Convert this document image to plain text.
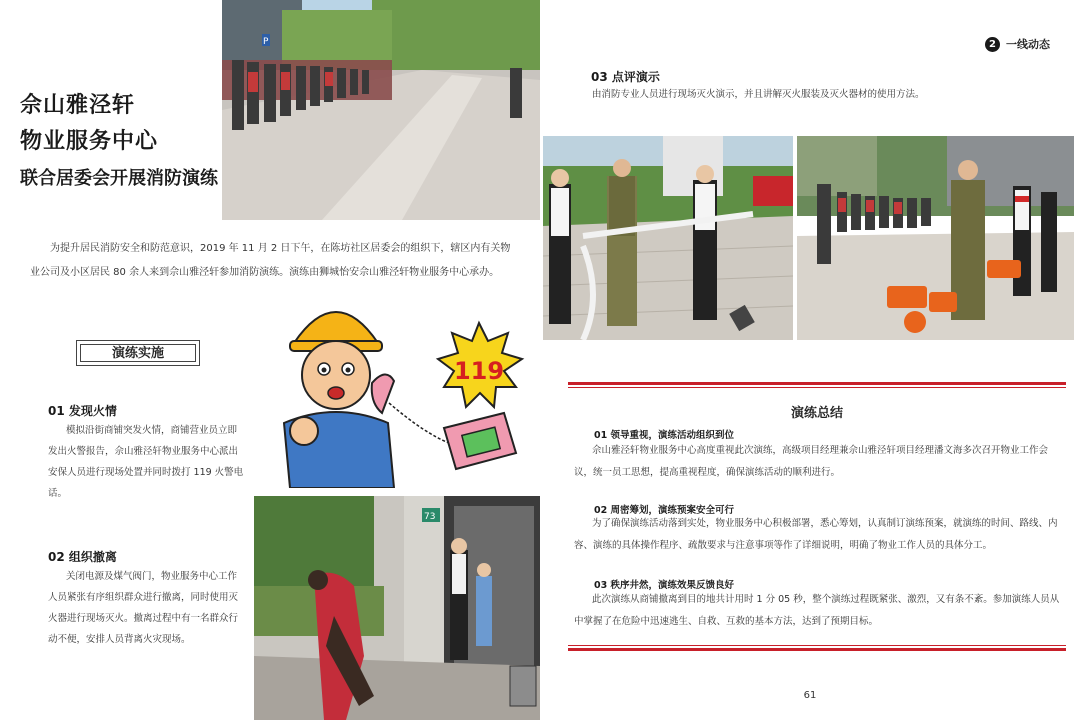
P
佘山雅泾轩
物业服务中心
联合居委会开展消防演练

为提升居民消防安全和防范意识，2019 年 11 月 2 日下午，在陈坊社区居委会的组织下，辖区内有关物业公司及小区居民 80 余人来到佘山雅泾轩参加消防演练。演练由狮城怡安佘山雅泾轩物业服务中心承办。

演练实施
01 发现火情

模拟沿街商铺突发火情，商铺营业员立即发出火警报告，佘山雅泾轩物业服务中心派出安保人员进行现场处置并同时拨打 119 火警电话。

02 组织撤离

关闭电源及煤气阀门，物业服务中心工作人员紧张有序组织群众进行撤离，同时使用灭火器进行现场灭火。撤离过程中有一名群众行动不便，安排人员背离火灾现场。

119
73
2 一线动态
03 点评演示

由消防专业人员进行现场灭火演示，并且讲解灭火服装及灭火器材的使用方法。

演练总结
01 领导重视，演练活动组织到位

佘山雅泾轩物业服务中心高度重视此次演练，高级项目经理兼佘山雅泾轩项目经理潘文海多次召开物业工作会议，统一员工思想，提高重视程度，确保演练活动的顺利进行。

02 周密筹划，演练预案安全可行

为了确保演练活动落到实处，物业服务中心积极部署，悉心筹划，认真制订演练预案，就演练的时间、路线、内容、演练的具体操作程序、疏散要求与注意事项等作了详细说明，明确了物业工作人员的具体分工。

03 秩序井然，演练效果反馈良好

此次演练从商铺撤离到目的地共计用时 1 分 05 秒，整个演练过程既紧张、激烈，又有条不紊。参加演练人员从中掌握了在危险中迅速逃生、自救、互救的基本方法，达到了预期目标。

61
